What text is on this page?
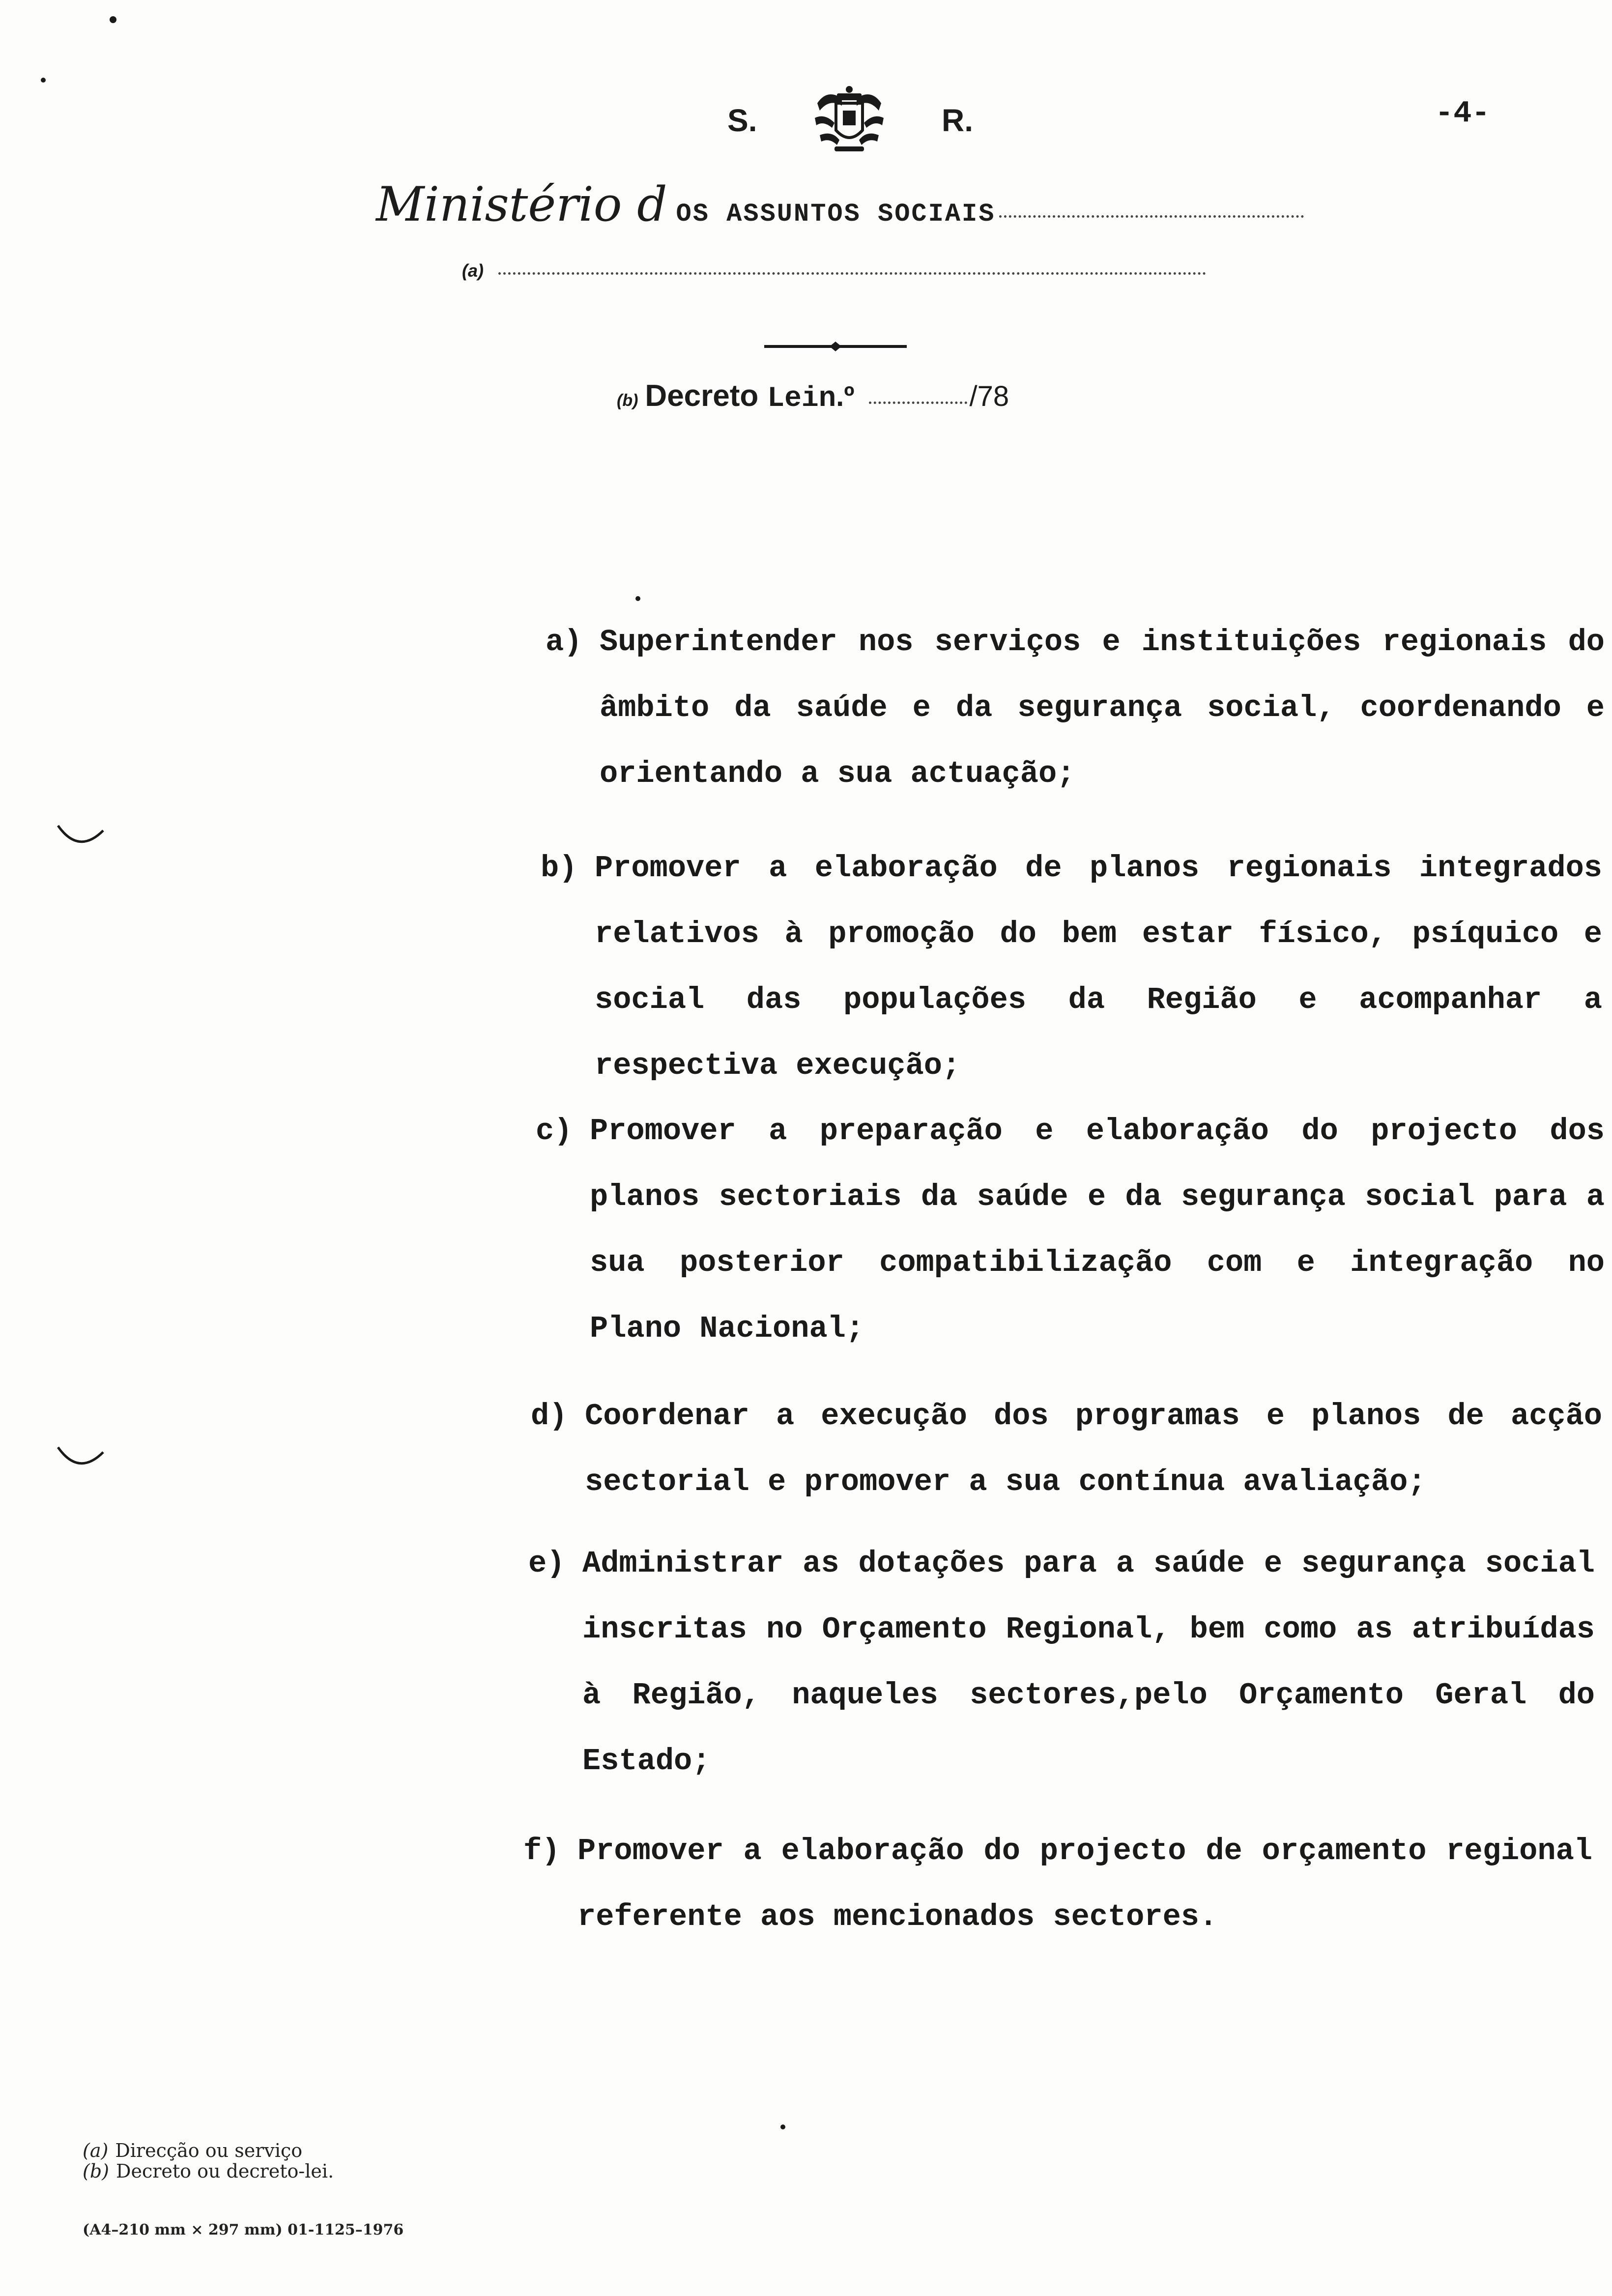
S.	R.	-4-
Ministério d OS ASSUNTOS SOCIAIS
(a)
(b) Decreto Lei n.º	/78
a) Superintender nos serviços e instituições regionais do âmbito da saúde e da segurança social, coordenando e orientando a sua actuação;
b) Promover a elaboração de planos regionais integrados relativos à promoção do bem estar físico, psíquico e social das populações da Região e acompanhar a respectiva execução;
c) Promover a preparação e elaboração do projecto dos planos sectoriais da saúde e da segurança social para a sua posterior compatibilização com e integração no Plano Nacional;
d) Coordenar a execução dos programas e planos de acção sectorial e promover a sua contínua avaliação;
e) Administrar as dotações para a saúde e segurança social inscritas no Orçamento Regional, bem como as atribuídas à Região, naqueles sectores,pelo Orçamento Geral do Estado;
f) Promover a elaboração do projecto de orçamento regional referente aos mencionados sectores.
(a) Direcção ou serviço
(b) Decreto ou decreto-lei.
(A4–210 mm × 297 mm) 01-1125–1976
